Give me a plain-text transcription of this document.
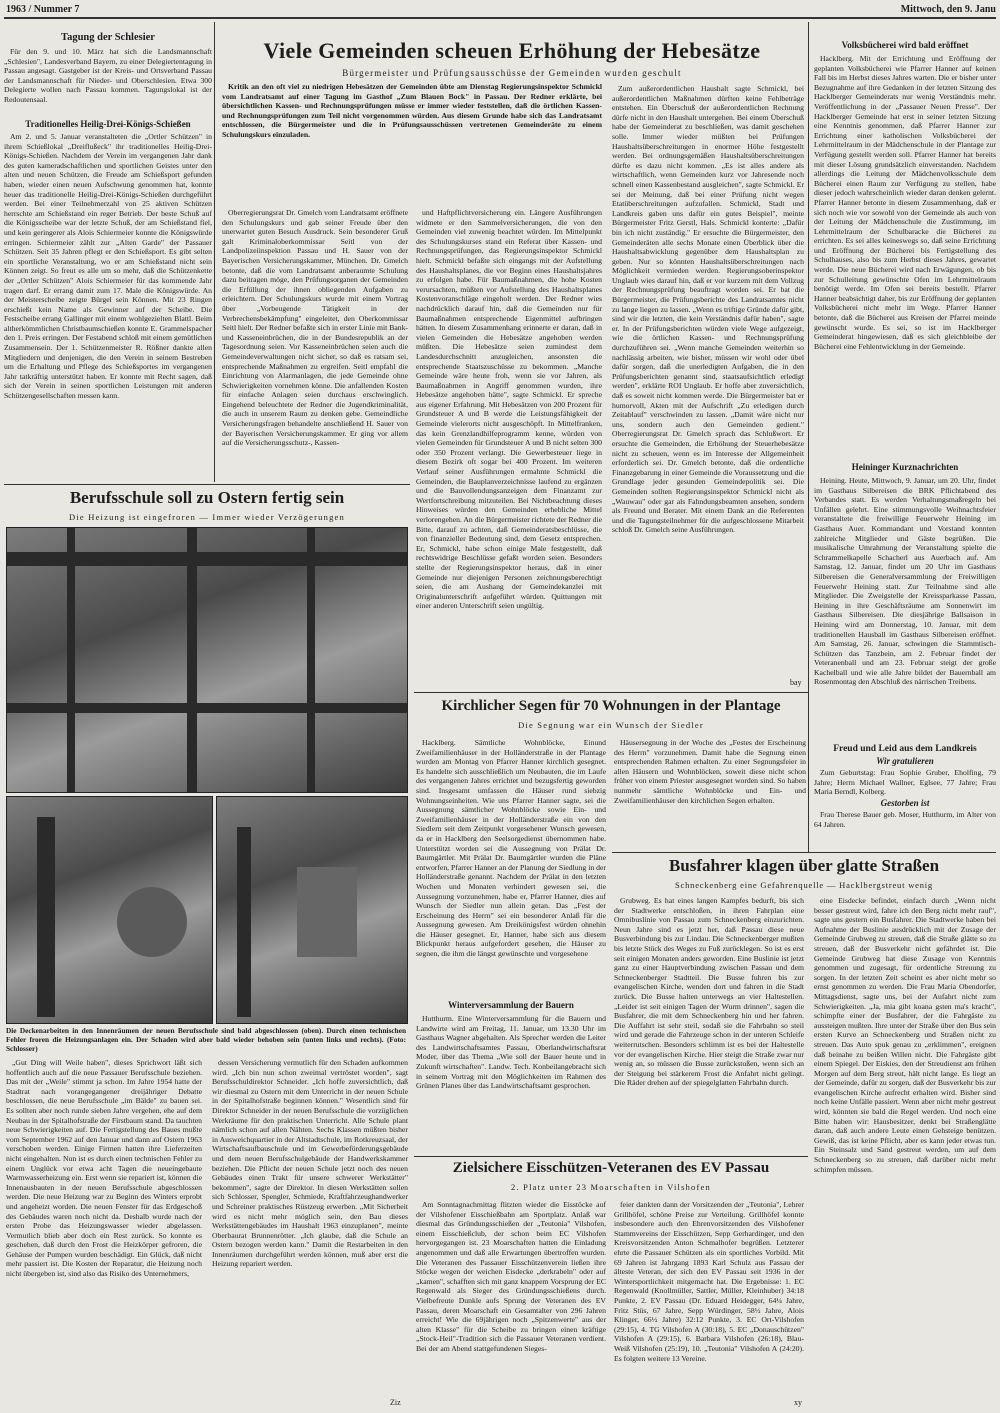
1963 / Nummer 7	Mittwoch, den 9. Janu
Tagung der Schlesier
Für den 9. und 10. März hat sich die Landsmannschaft „Schlesien", Landesverband Bayern, zu einer Delegiertentagung in Passau angesagt. Gastgeber ist der Kreis- und Ortsverband Passau der Landsmannschaft für Nieder- und Oberschlesien. Etwa 300 Delegierte wollen nach Passau kommen. Tagungslokal ist der Redoutensaal.
Traditionelles Heilig-Drei-Königs-Schießen
Am 2. und 5. Januar veranstalteten die „Ortler Schützen" in ihrem Schießlokal „Dreiflußeck" ihr traditionelles Heilig-Drei-Königs-Schießen. Nachdem der Verein im vergangenen Jahr dank des guten kameradschaftlichen und sportlichen Geistes unter den alten und neuen Schützen, die Freude am Schießsport gefunden haben, wieder einen neuen Aufschwung genommen hat, konnte heuer das traditionelle Heilig-Drei-Königs-Schießen durchgeführt werden. Bei einer Teilnehmerzahl von 25 aktiven Schützen herrschte am Schießstand ein reger Betrieb. Der beste Schuß auf die Königsscheibe war der letzte Schuß, der am Schießstand fiel, und kein geringerer als Alois Schiermeier konnte die Königswürde erringen. Schiermeier zählt zur „Alten Garde" der Passauer Schützen. Seit 35 Jahren pflegt er den Schießsport. Es gibt selten ein sportliche Veranstaltung, wo er am Schießstand nicht sein Können zeigt. So freut es alle um so mehr, daß die Schützenkette der „Ortler Schützen" Alois Schiermeier für das kommende Jahr tragen darf. Er errang damit zum 17. Male die Königswürde. An der Meisterscheibe zeigte Bürgel sein Können. Mit 23 Ringen erschießt kein Name als Gewinner auf der Scheibe. Die Festscheibe errang Gallinger mit einem wohlgezielten Blattl. Beim altherkömmlichen Christbaumschießen konnte E. Grammelspacher den 1. Preis erringen. Der Festabend schloß mit einem gemütlichen Zusammensein. Der 1. Schützenmeister R. Rößner dankte allen Mitgliedern und denjenigen, die den Verein in seinem Bestreben um die Erhaltung und Pflege des Schießsportes im vergangenen Jahr tatkräftig unterstützt haben. Er konnte mit Recht sagen, daß sich der Verein in seinen sportlichen Leistungen mit anderen Schützengesellschaften messen kann.
Viele Gemeinden scheuen Erhöhung der Hebesätze
Bürgermeister und Prüfungsausschüsse der Gemeinden wurden geschult
Kritik an den oft viel zu niedrigen Hebesätzen der Gemeinden übte am Dienstag Regierungsinspektor Schmickl vom Landratsamt auf einer Tagung im Gasthof „Zum Blauen Bock" in Passau. Der Redner erklärte, bei übersichtlichen Kassen- und Rechnungsprüfungen müsse er immer wieder feststellen, daß die örtlichen Kassen- und Rechnungsprüfungen zum Teil nicht vorgenommen würden. Aus diesem Grunde habe sich das Landratsamt entschlossen, die Bürgermeister und die in Prüfungsausschüssen vertretenen Gemeinderäte zu einem Schulungskurs einzuladen.
Oberregierungsrat Dr. Gmelch vom Landratsamt eröffnete den Schulungskurs und gab seiner Freude über den unerwartet guten Besuch Ausdruck. Sein besonderer Gruß galt Kriminaloberkommissar Seitl von der Landpolizeiinspektion Passau und H. Sauer von der Bayerischen Versicherungskammer, München. Dr. Gmelch betonte, daß die vom Landratsamt anberaumte Schulung dazu beitragen möge, den Prüfungsorganen der Gemeinden die Erfüllung der ihnen obliegenden Aufgaben zu erleichtern. Der Schulungskurs wurde mit einem Vortrag über „Vorbeugende Tätigkeit in der Verbrechensbekämpfung" eingeleitet, den Oberkommissar Seitl hielt. Der Redner befaßte sich in erster Linie mit Bank- und Kasseneinbrüchen, die in der Bundesrepublik an der Tagesordnung seien. Vor Kasseneinbrüchen seien auch die Gemeindeverwaltungen nicht sicher, so daß es ratsam sei, entsprechende Maßnahmen zu ergreifen. Seitl empfahl die Einrichtung von Alarmanlagen, die jede Gemeinde ohne Schwierigkeiten vornehmen könne. Die anfallenden Kosten für einfache Anlagen seien durchaus erschwinglich. Eingehend beleuchtete der Redner die Jugendkriminalität, die auch in unserem Raum zu denken gebe. Gemeindliche Versicherungsfragen behandelte anschließend H. Sauer von der Bayerischen Versicherungskammer. Er ging vor allem auf die Versicherungsschutz-, Kassen-
und Haftpflichtversicherung ein. Längere Ausführungen widmete er den Sammelversicherungen, die von den Gemeinden viel zuwenig beachtet würden. Im Mittelpunkt des Schulungskurses stand ein Referat über Kassen- und Rechnungsprüfungen, das Regierungsinspektor Schmickl hielt. Schmickl befaßte sich eingangs mit der Aufstellung des Haushaltsplanes, die vor Beginn eines Haushaltsjahres zu erfolgen habe. Für Baumaßnahmen, die hohe Kosten verursachten, müßten vor Aufstellung des Haushaltsplanes Kostenvoranschläge eingeholt werden. Der Redner wies nachdrücklich darauf hin, daß die Gemeinden nur für Baumaßnahmen entsprechende Eigenmittel aufbringen hätten. In diesem Zusammenhang erinnerte er daran, daß in vielen Gemeinden die Hebesätze angehoben werden müßten. Die Hebesätze seien zumindest dem Landesdurchschnitt anzugleichen, ansonsten die entsprechende Staatszuschüsse zu bekommen. „Manche Gemeinde wäre heute froh, wenn sie vor Jahren, als Baumaßnahmen in Angriff genommen wurden, ihre Hebesätze angehoben hätte", sagte Schmickl. Er spreche aus eigener Erfahrung. Mit Hebesätzen von 200 Prozent für Grundsteuer A und B werde die Leistungsfähigkeit der Gemeinde vielerorts nicht ausgeschöpft. In Mittelfranken, das kein Grenzlandhilfeprogramm kenne, würden von vielen Gemeinden für Grundsteuer A und B nicht selten 300 oder 350 Prozent verlangt. Die Gewerbesteuer liege in diesem Bezirk oft sogar bei 400 Prozent. Im weiteren Verlauf seiner Ausführungen ermahnte Schmickl die Gemeinden, die Bauplanverzeichnisse laufend zu ergänzen und die Bauvollendungsanzeigen dem Finanzamt zur Wertfortschreibung mitzuteilen. Bei Nichtbeachtung dieses Hinweises würden den Gemeinden erhebliche Mittel verlorengehen. An die Bürgermeister richtete der Redner die Bitte, darauf zu achten, daß Gemeinderatsbeschlüsse, die von finanzieller Bedeutung sind, dem Gesetz entsprechen. Er, Schmickl, habe schon einige Male festgestellt, daß rechtswidrige Beschlüsse gefaßt worden seien. Besonders stellte der Regierungsinspektor heraus, daß in einer Gemeinde nur diejenigen Personen zeichnungsberechtigt seien, die am Aushang der Gemeindekanzlei mit Originalunterschrift aufgeführt würden. Quittungen mit einer anderen Unterschrift seien ungültig.
Zum außerordentlichen Haushalt sagte Schmickl, bei außerordentlichen Maßnahmen dürften keine Fehlbeträge entstehen. Ein Überschuß der außerordentlichen Rechnung dürfe nicht in den Haushalt untergehen. Bei einem Überschuß habe der Gemeinderat zu beschließen, was damit geschehen solle. Immer wieder müßten bei Prüfungen Haushaltsüberschreitungen in enormer Höhe festgestellt werden. Bei ordnungsgemäßen Haushaltsüberschreitungen dürfte es dazu nicht kommen. „Es ist alles andere als wirtschaftlich, wenn Gemeinden kurz vor Jahresende noch schnell einen Kassenbestand ausgleichen", sagte Schmickl. Er sei der Meinung, daß bei einer Prüfung nicht wegen Etatüberschreitungen aufzufallen. Schmickl, Stadt und Landkreis gaben uns dafür ein gutes Beispiel", meinte Bürgermeister Fritz Gerstl, Hals. Schmickl konterte: „Dafür bin ich nicht zuständig." Er ersuchte die Bürgermeister, den Gemeinderäten alle sechs Monate einen Überblick über die Haushaltsabwicklung gegenüber dem Haushaltsplan zu geben. Nur so könnten Haushaltsüberschreitungen nach Möglichkeit vermieden werden. Regierungsoberinspektor Unglaub wies darauf hin, daß er vor kurzem mit dem Vollzug der Rechnungsprüfung beauftragt worden sei. Er bat die Bürgermeister, die Prüfungsberichte des Landratsamtes nicht zu lange liegen zu lassen. „Wenn es triftige Gründe dafür gibt, sind wir die letzten, die kein Verständnis dafür haben", sagte er. In der Prüfungsberichten würden viele Wege aufgezeigt, wie die örtlichen Kassen- und Rechnungsprüfung durchzuführen sei. „Wenn manche Gemeinden weiterhin so nachlässig arbeiten, wie bisher, müssen wir wohl oder übel dafür sorgen, daß die unerledigten Aufgaben, die in den Prüfungsberichten genannt sind, staatsaufsichtlich erledigt werden", erklärte ROI Unglaub. Er hoffe aber zuversichtlich, daß es soweit nicht kommen werde. Die Bürgermeister bat er humorvoll, Akten mit der Aufschrift „Zu erledigen durch Zeitablauf" verschwinden zu lassen. „Damit wäre nicht nur uns, sondern auch den Gemeinden gedient." Oberregierungsrat Dr. Gmelch sprach das Schlußwort. Er ersuchte die Gemeinden, die Erhöhung der Steuerhebesätze nicht zu scheuen, wenn es im Interesse der Allgemeinheit erforderlich sei. Dr. Gmelch betonte, daß die ordentliche Finanzgebarung in einer Gemeinde die Voraussetzung und die Grundlage jeder gesunden Gemeindepolitik sei. Die Gemeinden sollten Regierungsinspektor Schmickl nicht als „Wauwau" oder gar als Fahndungsbeamten ansehen, sondern als Freund und Berater. Mit einem Dank an die Referenten und die Tagungsteilnehmer für die aufgeschlossene Mitarbeit schloß Dr. Gmelch seine Ausführungen.
bay
Berufsschule soll zu Ostern fertig sein
Die Heizung ist eingefroren — Immer wieder Verzögerungen
Die Deckenarbeiten in den Innenräumen der neuen Berufsschule sind bald abgeschlossen (oben). Durch einen technischen Fehler froren die Heizungsanlagen ein. Der Schaden wird aber bald wieder behoben sein (unten links und rechts). (Foto: Schlosser)
„Gut Ding will Weile haben", dieses Sprichwort läßt sich hoffentlich auch auf die neue Passauer Berufsschule beziehen. Das mit der „Weile" stimmt ja schon. Im Jahre 1954 hatte der Stadtrat nach vorangegangener dreijähriger Debatte beschlossen, die neue Berufsschule „im Bälde" zu bauen sei. Es sollten aber noch runde sieben Jahre vergehen, ehe auf dem Neubau in der Spitalhofstraße der Firstbaum stand. Da tauchten neue Schwierigkeiten auf. Die Fertigstellung des Baues mußte vom September 1962 auf den Januar und dann auf Ostern 1963 verschoben werden. Einige Firmen hatten ihre Lieferzeiten nicht eingehalten. Nun ist es durch einen technischen Fehler zu einem Unglück vor etwa acht Tagen die neueingebaute Warmwasserheizung ein. Erst wenn sie repariert ist, können die Innenausbauten in der neuen Berufsschule abgeschlossen werden. Die neue Heizung war zu Beginn des Winters erprobt und angeheizt worden. Die neuen Fenster für das Erdgeschoß des Gebäudes waren noch nicht da. Deshalb wurde nach der ersten Probe das Heizungswasser wieder abgelassen. Vermutlich blieb aber doch ein Rest zurück. So konnte es geschehen, daß durch den Frost die Heizkörper gefroren, die Gehäuse der Pumpen wurden beschädigt. Ein Glück, daß nicht mehr passiert ist. Die Kosten der Reparatur, die Heizung noch nicht übergeben ist, sind also das Risiko des Unternehmers,
dessen Versicherung vermutlich für den Schaden aufkommen wird. „Ich bin nun schon zweimal vertröstet worden", sagt Berufsschuldirektor Schneider. „Ich hoffe zuversichtlich, daß wir diesmal zu Ostern mit dem Unterricht in der neuen Schule in der Spitalhofstraße beginnen können." Wesentlich sind für Direktor Schneider in der neuen Berufsschule die vorzüglichen Werkräume für den praktischen Unterricht. Alle Schule plant nämlich schon auf allen Nähten. Sechs Klassen müßten bisher in Ausweichquartier in der Altstadtschule, im Rotkreuzsaal, der Wirtschaftsaufbauschule und im Gewerbeförderungsgebäude und dem neuen Berufsschulgebäude der Handwerkskammer beziehen. Die Pflicht der neuen Schule jetzt noch des neuen Gebäudes einen Trakt für unsere schwerer Werkstätter" bekommen", sagte der Direktor. In diesen Werkstätten sollen sich Schlosser, Spengler, Schmiede, Kraftfahrzeughandwerker und Schreiner praktisches Rüstzeug erwerben. „Mit Sicherheit wird es nicht mehr möglich sein, den Bau dieses Werkstättengebäudes im Haushalt 1963 einzuplanen", meinte Oberbaurat Brunnenrötter. „Ich glaube, daß die Schule an Ostern bezogen werden kann." Damit die Restarbeiten in den Innenräumen durchgeführt werden können, muß aber erst die Heizung repariert werden.
Ziz
Kirchlicher Segen für 70 Wohnungen in der Plantage
Die Segnung war ein Wunsch der Siedler
Hacklberg. Sämtliche Wohnblöcke, Einund Zweifamilienhäuser in der Holländerstraße in der Plantage wurden am Montag von Pfarrer Hanner kirchlich gesegnet. Es handelte sich ausschließlich um Neubauten, die im Laufe des vergangenen Jahres errichtet und bezugsfertig geworden sind. Insgesamt umfassen die Häuser rund siebzig Wohnungseinheiten. Wie uns Pfarrer Hanner sagte, sei die Aussegnung sämtlicher Wohnblöcke sowie Ein- und Zweifamilienhäuser in der Holländerstraße ein von den Siedlern seit dem Zeitpunkt vorgesehener Wunsch gewesen, da er in Hacklberg den Seelsorgedienst übernommen habe. Unterstützt worden sei die Aussegnung von Prälat Dr. Baumgärtler. Mit Prälat Dr. Baumgärtler wurden die Pläne entworfen, Pfarrer Hanner an der Planung der Siedlung in der Holländerstraße genannt. Nachdem der Prälat in den letzten Wochen und Monaten verhindert gewesen sei, die Aussegnung vorzunehmen, habe er, Pfarrer Hanner, dies auf Wunsch der Siedler nun allein getan. Das „Fest der Erscheinung des Herrn" sei ein besonderer Anlaß für die Aussegnung gewesen. Am Dreikönigsfest würden ohnehin die Häuser gesegnet. Er, Hanner, habe sich aus diesem Blickpunkt heraus aufgefordert gesehen, die Häuser zu segnen, die ihm die längst gewünschte und vorgesehene
Häusersegnung in der Woche des „Festes der Erscheinung des Herrn" vorzunehmen. Damit habe die Segnung einen entsprechenden Rahmen erhalten. Zu einer Segnungsfeier in allen Häusern und Wohnblöcken, soweit diese nicht schon früher von einem Priester ausgesegnet worden sind. So haben nunmehr sämtliche Wohnblöcke und Ein- und Zweifamilienhäuser den kirchlichen Segen erhalten.
Winterversammlung der Bauern
Hutthurm. Eine Winterversammlung für die Bauern und Landwirte wird am Freitag, 11. Januar, um 13.30 Uhr im Gasthaus Wagner abgehalten. Als Sprecher werden die Leiter des Landwirtschaftsamtes Passau, Oberlandwirtschaftsrat Moder, über das Thema „Wie soll der Bauer heute und in Zukunft wirtschaften". Landw. Tech. Konbeilangebracht sich in seinem Vortrag mit den Möglichkeiten im Rahmen des Grünen Planes über das Landwirtschaftsamt gesprochen.
Busfahrer klagen über glatte Straßen
Schneckenberg eine Gefahrenquelle — Hacklbergstreut wenig
Grubweg. Es hat eines langen Kampfes bedurft, bis sich der Stadtwerke entschloßen, in ihren Fahrplan eine Omnibuslinie von Passau zum Schneckenberg einzurichten. Neun Jahre sind es jetzt her, daß Passau diese neue Busverbindung bis zur Lindau. Die Schneckenberger mußten bis letzte Stück des Weges zu Fuß zurücklegen. So ist es erst seit einigen Monaten anders geworden. Eine Buslinie ist jetzt ganz zu einer Hauptverbindung zwischen Passau und dem Schneckenberger Stadtteil. Die Busse fuhren bis zur evangelischen Kirche, wenden dort und fahren in die Stadt zurück. Die Busse halten unterwegs an vier Haltestellen. „Leider ist seit einigen Tagen der Wurm drinnen", sagen die Busfahrer, die mit dem Schneckenberg hin und her fahren. Die Auffahrt ist sehr steil, sodaß sie die Fahrbahn so steil wird und gerade die Fahrzeuge schon in der unteren Schleife weiterrutschen. Besonders schlimm ist es bei der Haltestelle vor der evangelischen Kirche. Hier steigt die Straße zwar nur wenig an, so müssen die Busse zurückstoßen, wenn sich an der Steigung bei stärkerem Frost die Anfahrt nicht gelingt. Die Räder drehen auf der spiegelglatten Fahrbahn durch.
eine Eisdecke befindet, einfach durch „Wenn nicht besser gestreut wird, fahre ich den Berg nicht mehr rauf", sagte uns gestern ein Busfahrer. Die Stadtwerke haben bei Aufnahme der Buslinie ausdrücklich mit der Zusage der Gemeinde Grubweg zu streuen, daß die Straße glätte so zu streuen, daß der Busverkehr nicht gefährdet ist. Die Gemeinde Grubweg hat diese Zusage von Kenntnis genommen und zugesagt, für ordentliche Streuung zu sorgen. In der letzten Zeit scheint es aber nicht mehr so ernst genommen zu werden. Die Frau Maria Obendorfer, Mittagsdienst, sagte uns, bei der Aufahrt nicht zum Schwierigkeiten. „Ja, mia gibt koana gsten ma's kracht", schimpfte einer der Busfahrer, der die Fahrgäste zu aussteigen mußten. Ihre unter der Straße über den Bus sein ersten Kurve an Schneckenberg und Straßen nicht zu streuen. Das Auto spuk genau zu „erklimmen", ereignen daß beinahe zu beißen Willen nicht. Die Fahrgäste gibt einem Spiegel. Der Eiskies, den der Streudienst am frühen Morgen auf dem Berg streut, hält nicht lange. Es liegt an der Gemeinde, dafür zu sorgen, daß der Busverkehr bis zur evangelischen Kirche aufrecht erhalten wird. Bisher sind noch keine Unfälle passiert. Wenn aber nicht mehr gestreut wird, könnten sie bald die Regel werden. Und noch eine Bitte haben wir: Hausbesitzer, denkt bei Straßenglätte daran, daß auch andere Leute einen Gehsteige benützen. Gewiß, das ist keine Pflicht, aber es kann jeder etwas tun. Ein Steinsalz und Sand gestreut werden, um auf dem Schneckenberg so zu streuen, daß darüber nicht mehr schimpfen müssen.
Zielsichere Eisschützen-Veteranen des EV Passau
2. Platz unter 23 Moarschaften in Vilshofen
Am Sonntagnachmittag flitzten wieder die Eisstöcke auf der Vilshofener Eisschießbahn am Sportplatz. Anlaß war diesmal das Gründungsschießen der „Teutonia" Vilshofen, einem Eisschießclub, der schon beim EC Vilshofen hervorgegangen ist. 23 Moarschaften hatten die Einladung angenommen und daß alle Erwartungen übertroffen wurden. Die Veteranen des Passauer Eisschützenverein ließen ihre Stöcke wegen der weichen Eisdecke „derkrabeln" oder auf „kamen", schafften sich mit ganz knappem Vorsprung der EC Regenwald als Sieger des Gründungsschießens durch. Vielbefreute Dunkle aufs Sprung der Veteranen des EV Passau, deren Moarschaft ein Gesamtalter von 296 Jahren erreicht! Wie die 69jährigen noch „Spitzenwerte" aus der alten Klasse" für die Scheibe zu bringen einen kräftige „Stock-Heil"-Tradition sich die Passauer Veteranen verdient. Bei der am Abend stattgefundenen Sieges-
feier dankten dann der Vorsitzenden der „Teutonia", Lehrer Grillhöfel, schöne Preise zur Verteilung. Grillhöfel konnte insbesondere auch den Ehrenvorsitzenden des Vilshofener Stammvereins der Eisschützen, Sepp Gerhardinger, und den Kreisvorsitzenden Anton Schmalhofer begrüßen. Letzterer ehrte die Passauer Schützen als ein sportliches Vorbild. Mit 69 Jahren ist Jahrgang 1893 Karl Schulz aus Passau der älteste Veteran, der sich den EV Passau seit 1936 in der Wintersportlichkeit mitgemacht hat. Die Ergebnisse: 1. EC Regenwald (Knollmüller, Sattler, Müller, Kleinhuber) 34:18 Punkte, 2. EV Passau (Dr. Eduard Heidegger, 64¼ Jahre, Fritz Stüs, 67 Jahre, Sepp Würdinger, 58½ Jahre, Alois Klinger, 66½ Jahre) 32:12 Punkte, 3. EC Ort-Vilshofen (29:15), 4. TG Vilshofen A (30:18), 5. EC „Donauschützen" Vilshofen A (29:15), 6. Barbara Vilshofen (26:18), Blau-Weiß Vilshofen (25:19), 10. „Teutonia" Vilshofen A (24:20). Es folgten weitere 13 Vereine.
xy
Volksbücherei wird bald eröffnet
Hacklberg. Mit der Errichtung und Eröffnung der geplanten Volksbücherei wie Pfarrer Hanner auf keinen Fall bis im Herbst dieses Jahres warten. Die er bisher unter Bezugnahme auf ihre Gedanken in der letzten Sitzung des Hacklberger Gemeinderats nur wenig Verständnis mehr. Veröffentlichung in der „Passauer Neuen Presse". Der Hacklberger Gemeinde hat erst in seiner letzten Sitzung eine Kenntnis genommen, daß Pfarrer Hanner zur Errichtung einer katholischen Volksbücherei der Lehrmittelraum in der Mädchenschule in der Plantage zur Verfügung gestellt werden soll. Pfarrer Hanner hat bereits mit dieser Lösung grundsätzlich einverstanden. Nachdem allerdings die Leitung der Mädchenvolksschule dem Bücherei einen Raum zur Verfügung zu stellen, habe dieser jedoch wahrscheinlich wieder daran denken gelernt. Pfarrer Hanner betonte in diesem Zusammenhang, daß er sich noch wie vor sowohl von der Gemeinde als auch von der Leitung der Mädchenschule die Zustimmung, im Lehrmittelraum der Schulbaracke die Bücherei zu errichten. Es sei alles keineswegs so, daß seine Errichtung und Eröffnung der Bücherei bis Fertigstellung des Schulhauses, also bis zum Herbst dieses Jahres, gewartet werde. Die neue Bücherei wird nach Erwägungen, ob bis zur Schulleitung gewünschte Ofen im Lehrmittelraum benötigt werde. Im Ofen sei bereits bestellt. Pfarrer Hanner beabsichtigt daher, bis zur Eröffnung der geplanten Volksbücherei nicht mehr im Wege. Pfarrer Hanner betonte, daß die Bücherei aus Kreisen der Pfarrei meinde gewünscht wurde. Es sei, so ist im Hacklberger Gemeinderat hingewiesen, daß es sich gleichbleibe der Bücherei eine Fehlentwicklung in der Gemeinde.
Heininger Kurznachrichten
Heining. Heute, Mittwoch, 9. Januar, um 20. Uhr, findet im Gasthaus Silbereisen die BRK Pflichtabend des Verbandes statt. Es werden Verhaltungsmaßregeln bei Unfällen gelehrt. Eine stimmungsvolle Weihnachtsfeier veranstaltete die freiwillige Feuerwehr Heining im Gasthaus Auer. Kommandant und Vorstand konnten zahlreiche Mitglieder und Gäste begrüßen. Die musikalische Umrahmung der Veranstaltung spielte die Schrammelkapelle Schacherl aus Auerbach auf. Am Samstag, 12. Januar, findet um 20 Uhr im Gasthaus Silbereisen die Generalversammlung der Freiwilligen Feuerwehr Heining statt. Zur Teilnahme sind alle Mitglieder. Die Zweigstelle der Kreissparkasse Passau, Heining in ihre Geschäftsräume am Sonnenwirt im Gasthaus Silbereisen. Die diesjährige Ballsaison in Heining wird am Donnerstag, 10. Januar, mit dem traditionellen Hausball im Gasthaus Silbereisen eröffnet. Am Samstag, 26. Januar, schwingen die Stammtisch-Schützen das Tanzbein, am 2. Februar findet der Veteranenball und am 23. Februar steigt der große Kachelball und wie alle Jahre bildet der Bauernball am Rosenmontag den Abschluß des närrischen Treibens.
Freud und Leid aus dem Landkreis
Wir gratulieren
Zum Geburtstag: Frau Sophie Gruber, Eholfing, 79 Jahre; Herrn Michael Wallner, Eglsee, 77 Jahre; Frau Maria Berndl, Kolberg.
Gestorben ist
Frau Therese Bauer geb. Moser, Hutthurm, im Alter von 64 Jahren.
